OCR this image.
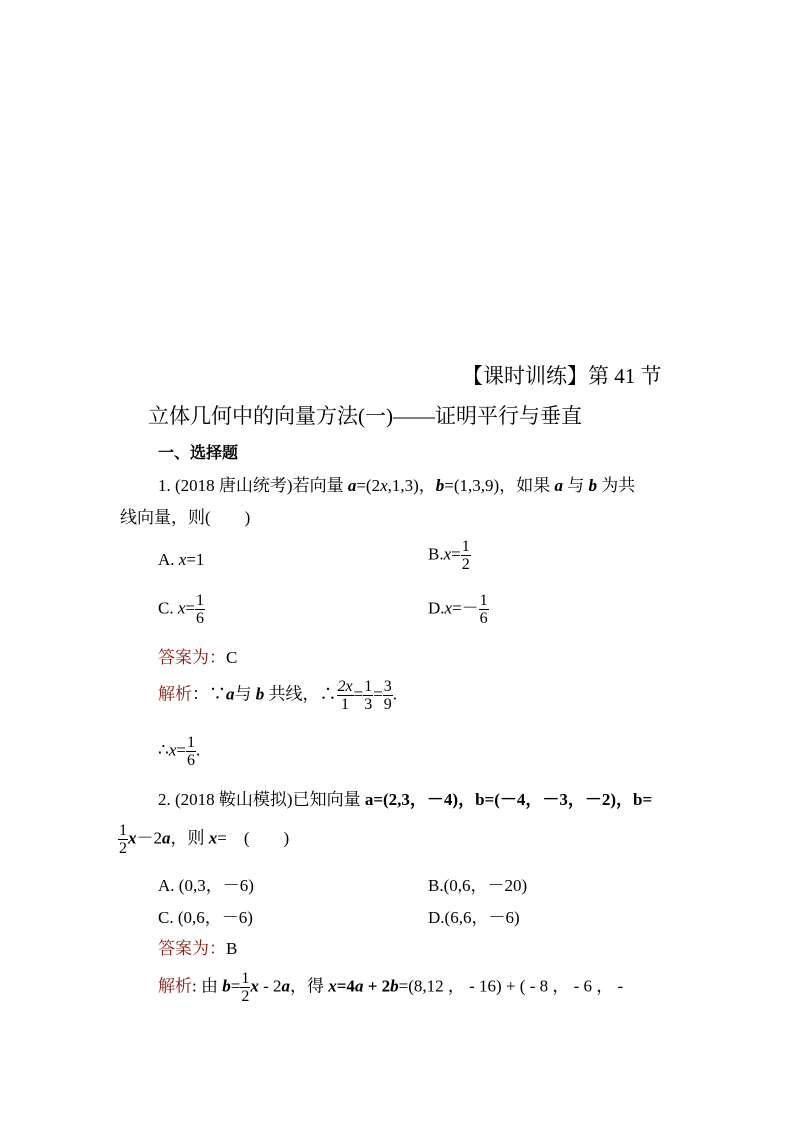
【课时训练】第 41 节
立体几何中的向量方法(一)——证明平行与垂直
一、选择题
1. (2018 唐山统考)若向量 a=(2x,1,3)，b=(1,3,9)，如果 a 与 b 为共
线向量，则(　　)
A. x=1	$B.x= \frac{1}{2}$
C. $x= \frac{1}{6}$	$D.x=- \frac{1}{6}$
答案为：C
解析：∵a与 b 共线，∴ $\frac{2x}{1} = \frac{1}{3} = \frac{3}{9}$ .
∴x= $\frac{1}{6}$ .
2. (2018 鞍山模拟)已知向量 a=(2,3，－4)，b=(－4，－3，－2)，b=
$\frac{1}{2} x-2a$，则 x=　(　　)
A. (0,3，－6)	B.(0,6，－20)
C. (0,6，－6)	D.(6,6，－6)
答案为：B
解析: 由 $b= \frac{1}{2}$ x - 2a，得 x=4a + 2b=(8,12 ， - 16) + ( - 8 ， - 6 ， -
